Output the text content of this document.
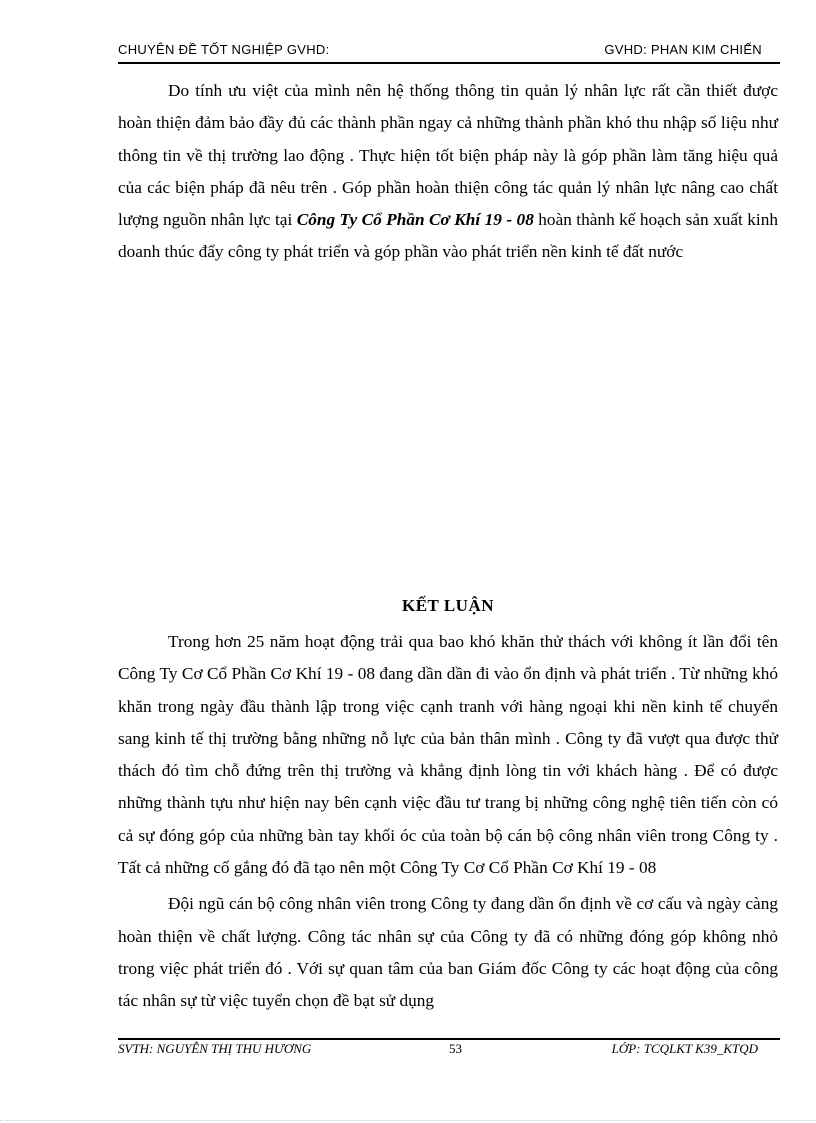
CHUYÊN ĐỀ TỐT NGHIỆP GVHD:	GVHD: PHAN KIM CHIẾN

Do tính ưu việt của mình nên hệ thống thông tin quản lý nhân lực rất cần thiết được hoàn thiện đảm bảo đầy đủ các thành phần ngay cả những thành phần khó thu nhập số liệu như thông tin về thị trường lao động . Thực hiện tốt biện pháp này là góp phần làm tăng hiệu quả của các biện pháp đã nêu trên . Góp phần hoàn thiện công tác quản lý nhân lực nâng cao chất lượng nguồn nhân lực tại Công Ty Cổ Phần Cơ Khí 19 - 08 hoàn thành kế hoạch sản xuất kinh doanh thúc đẩy công ty phát triển và góp phần vào phát triển nền kinh tế đất nước

KẾT LUẬN

Trong hơn 25 năm hoạt động trải qua bao khó khăn thử thách với không ít lần đổi tên Công Ty Cơ Cổ Phần Cơ Khí 19 - 08 đang dần dần đi vào ổn định và phát triển . Từ những khó khăn trong ngày đầu thành lập trong việc cạnh tranh với hàng ngoại khi nền kinh tế chuyển sang kinh tế thị trường bằng những nỗ lực của bản thân mình . Công ty đã vượt qua được thử thách đó tìm chỗ đứng trên thị trường và khẳng định lòng tin với khách hàng . Để có được những thành tựu như hiện nay bên cạnh việc đầu tư trang bị những công nghệ tiên tiến còn có cả sự đóng góp của những bàn tay khối óc của toàn bộ cán bộ công nhân viên trong Công ty . Tất cả những cố gắng đó đã tạo nên một Công Ty Cơ Cổ Phần Cơ Khí 19 - 08

Đội ngũ cán bộ công nhân viên trong Công ty đang dần ổn định về cơ cấu và ngày càng hoàn thiện về chất lượng. Công tác nhân sự của Công ty đã có những đóng góp không nhỏ trong việc phát triển đó . Với sự quan tâm của ban Giám đốc Công ty các hoạt động của công tác nhân sự từ việc tuyển chọn đề bạt sử dụng

SVTH: NGUYỄN THỊ THU HƯƠNG	53	LỚP: TCQLKT K39_KTQD
